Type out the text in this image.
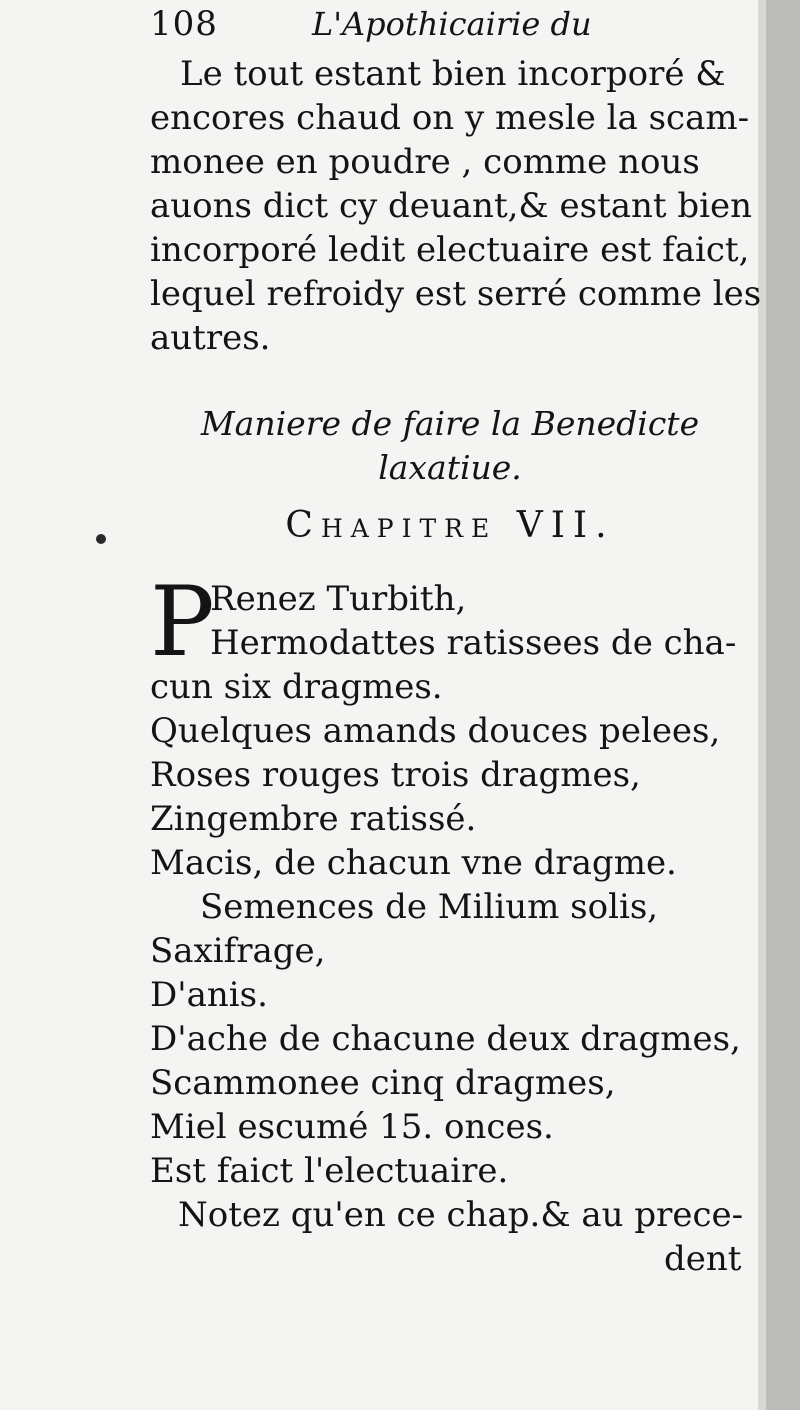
108	L'Apothicairie du
Le tout estant bien incorporé &
encores chaud on y mesle la scam-
monee en poudre , comme nous
auons dict cy deuant,& estant bien
incorporé ledit electuaire est faict,
lequel refroidy est serré comme les
autres.
Maniere de faire la Benedicte
laxatiue.
Chapitre VII.
P
Renez Turbith,
Hermodattes ratissees de cha-
cun six dragmes.
Quelques amands douces pelees,
Roses rouges trois dragmes,
Zingembre ratissé.
Macis, de chacun vne dragme.
Semences de Milium solis,
Saxifrage,
D'anis.
D'ache de chacune deux dragmes,
Scammonee cinq dragmes,
Miel escumé 15. onces.
Est faict l'electuaire.
Notez qu'en ce chap.& au prece-
dent
